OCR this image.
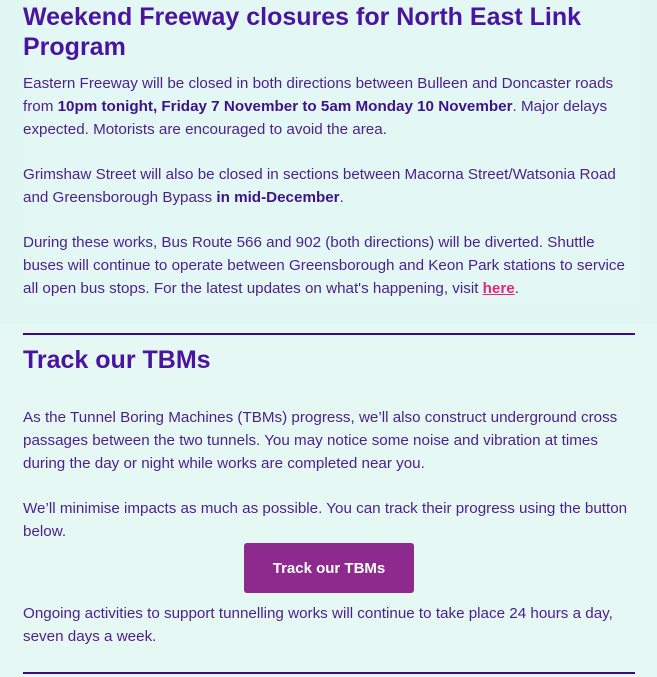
Weekend Freeway closures for North East Link Program

Eastern Freeway will be closed in both directions between Bulleen and Doncaster roads from 10pm tonight, Friday 7 November to 5am Monday 10 November. Major delays expected. Motorists are encouraged to avoid the area.

Grimshaw Street will also be closed in sections between Macorna Street/Watsonia Road and Greensborough Bypass in mid-December.

During these works, Bus Route 566 and 902 (both directions) will be diverted. Shuttle buses will continue to operate between Greensborough and Keon Park stations to service all open bus stops. For the latest updates on what's happening, visit here.

Track our TBMs

As the Tunnel Boring Machines (TBMs) progress, we’ll also construct underground cross passages between the two tunnels. You may notice some noise and vibration at times during the day or night while works are completed near you.

We’ll minimise impacts as much as possible. You can track their progress using the button below.

Track our TBMs

Ongoing activities to support tunnelling works will continue to take place 24 hours a day, seven days a week.
